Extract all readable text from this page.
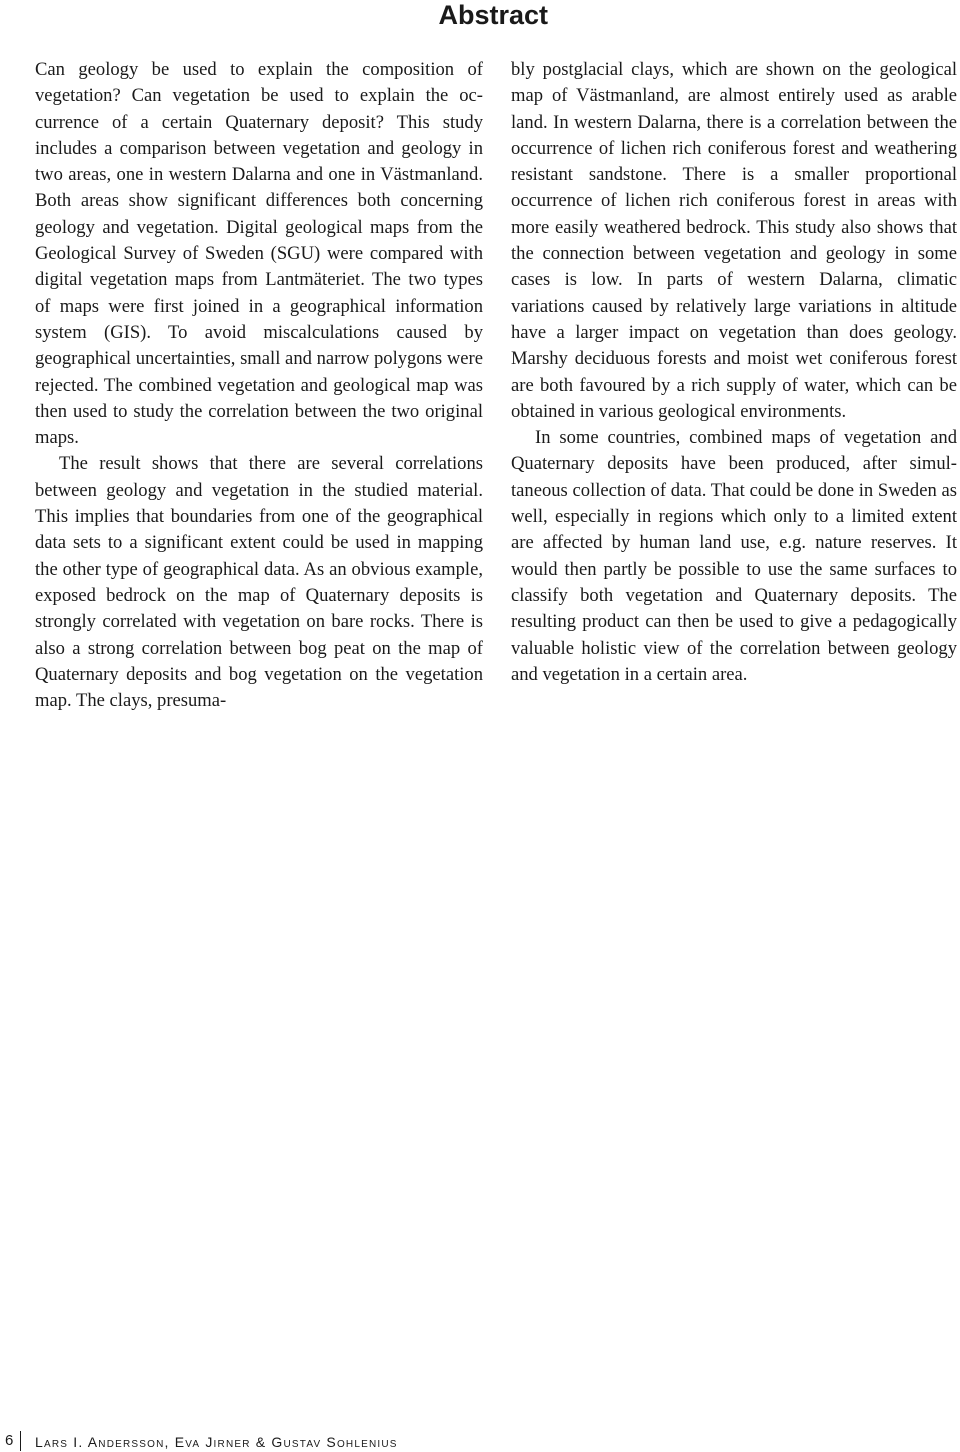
Abstract

Can geology be used to explain the composition of vegetation? Can vegetation be used to explain the occurrence of a certain Quaternary deposit? This study includes a comparison between vegetation and geology in two areas, one in western Dalarna and one in Västmanland. Both areas show significant differences both concerning geology and vegetation. Digital geological maps from the Geological Survey of Sweden (SGU) were compared with digital vegetation maps from Lantmäteriet. The two types of maps were first joined in a geographical information system (GIS). To avoid miscalculations caused by geographical uncertainties, small and narrow polygons were rejected. The combined vegetation and geological map was then used to study the correlation between the two original maps.

The result shows that there are several correlations between geology and vegetation in the studied material. This implies that boundaries from one of the geographical data sets to a significant extent could be used in mapping the other type of geographical data. As an obvious example, exposed bedrock on the map of Quaternary deposits is strongly correlated with vegetation on bare rocks. There is also a strong correlation between bog peat on the map of Quaternary deposits and bog vegetation on the vegetation map. The clays, presuma-

bly postglacial clays, which are shown on the geological map of Västmanland, are almost entirely used as arable land. In western Dalarna, there is a correlation between the occurrence of lichen rich coniferous forest and weathering resistant sandstone. There is a smaller proportional occurrence of lichen rich coniferous forest in areas with more easily weathered bedrock. This study also shows that the connection between vegetation and geology in some cases is low. In parts of western Dalarna, climatic variations caused by relatively large variations in altitude have a larger impact on vegetation than does geology. Marshy deciduous forests and moist wet coniferous forest are both favoured by a rich supply of water, which can be obtained in various geological environments.

In some countries, combined maps of vegetation and Quaternary deposits have been produced, after simultaneous collection of data. That could be done in Sweden as well, especially in regions which only to a limited extent are affected by human land use, e.g. nature reserves. It would then partly be possible to use the same surfaces to classify both vegetation and Quaternary deposits. The resulting product can then be used to give a pedagogically valuable holistic view of the correlation between geology and vegetation in a certain area.

6 Lars I. Andersson, Eva Jirner & Gustav Sohlenius
